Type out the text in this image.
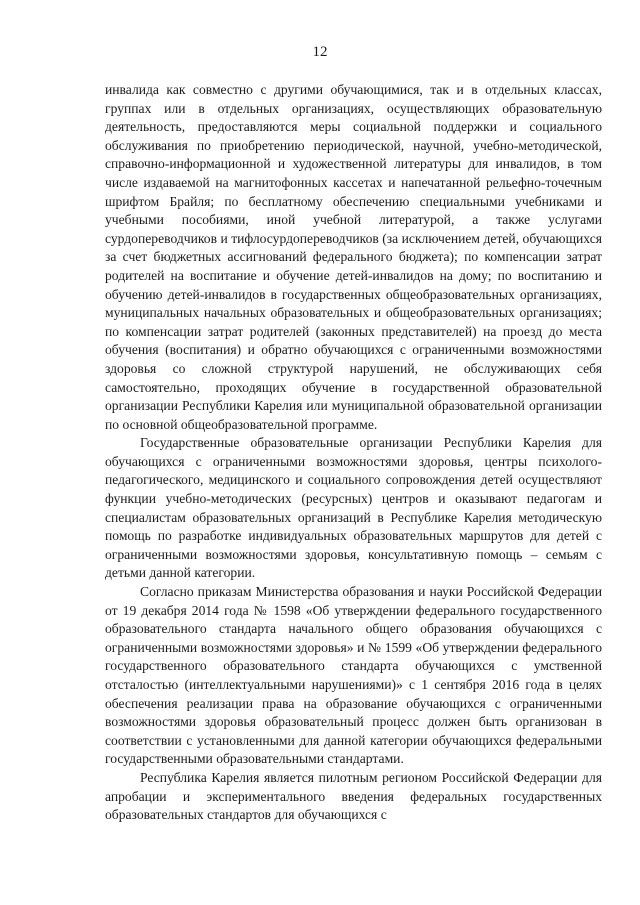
12

инвалида как совместно с другими обучающимися, так и в отдельных классах, группах или в отдельных организациях, осуществляющих образовательную деятельность, предоставляются меры социальной поддержки и социального обслуживания по приобретению периодической, научной, учебно-методической, справочно-информационной и художественной литературы для инвалидов, в том числе издаваемой на магнитофонных кассетах и напечатанной рельефно-точечным шрифтом Брайля; по бесплатному обеспечению специальными учебниками и учебными пособиями, иной учебной литературой, а также услугами сурдопереводчиков и тифлосурдопереводчиков (за исключением детей, обучающихся за счет бюджетных ассигнований федерального бюджета); по компенсации затрат родителей на воспитание и обучение детей-инвалидов на дому; по воспитанию и обучению детей-инвалидов в государственных общеобразовательных организациях, муниципальных начальных образовательных и общеобразовательных организациях; по компенсации затрат родителей (законных представителей) на проезд до места обучения (воспитания) и обратно обучающихся с ограниченными возможностями здоровья со сложной структурой нарушений, не обслуживающих себя самостоятельно, проходящих обучение в государственной образовательной организации Республики Карелия или муниципальной образовательной организации по основной общеобразовательной программе.

Государственные образовательные организации Республики Карелия для обучающихся с ограниченными возможностями здоровья, центры психолого-педагогического, медицинского и социального сопровождения детей осуществляют функции учебно-методических (ресурсных) центров и оказывают педагогам и специалистам образовательных организаций в Республике Карелия методическую помощь по разработке индивидуальных образовательных маршрутов для детей с ограниченными возможностями здоровья, консультативную помощь – семьям с детьми данной категории.

Согласно приказам Министерства образования и науки Российской Федерации от 19 декабря 2014 года № 1598 «Об утверждении федерального государственного образовательного стандарта начального общего образования обучающихся с ограниченными возможностями здоровья» и № 1599 «Об утверждении федерального государственного образовательного стандарта обучающихся с умственной отсталостью (интеллектуальными нарушениями)» с 1 сентября 2016 года в целях обеспечения реализации права на образование обучающихся с ограниченными возможностями здоровья образовательный процесс должен быть организован в соответствии с установленными для данной категории обучающихся федеральными государственными образовательными стандартами.

Республика Карелия является пилотным регионом Российской Федерации для апробации и экспериментального введения федеральных государственных образовательных стандартов для обучающихся с
